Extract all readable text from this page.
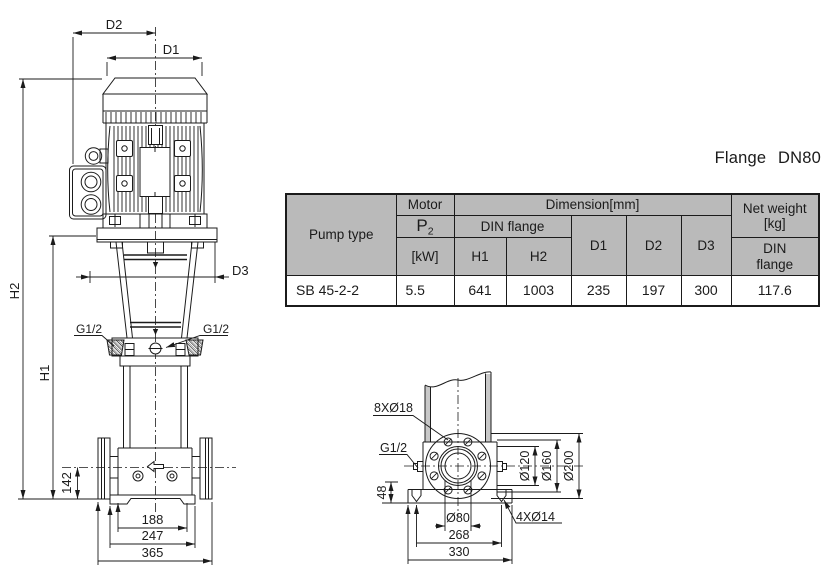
D2
D1
H2
H1
D3
G1/2	G1/2
142
188
247
365
8XØ18
G1/2
48
Ø80
268
330
4XØ14
Ø120 Ø160 Ø200
Flange DN80
Pump type	Motor	Dimension[mm]					Net weight
[kg]

	$P_2$	DIN flange		D1	D2	D3	
	[kW]	H1	H2				DIN
flange

SB 45-2-2	5.5	641	1003	235	197	300	117.6
